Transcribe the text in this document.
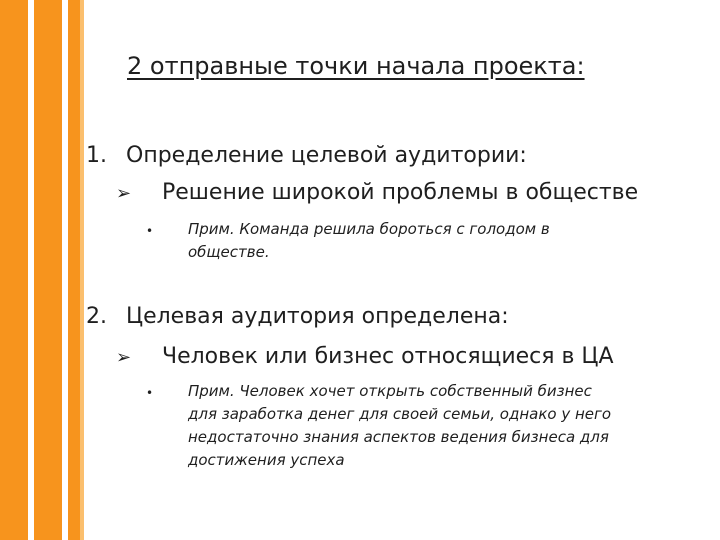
2 отправные точки начала проекта:
1. Определение целевой аудитории:
➢ Решение широкой проблемы в обществе
• Прим. Команда решила бороться с голодом в
обществе.
2. Целевая аудитория определена:
➢ Человек или бизнес относящиеся в ЦА
• Прим. Человек хочет открыть собственный бизнес
для заработка денег для своей семьи, однако у него
недостаточно знания аспектов ведения бизнеса для
достижения успеха
